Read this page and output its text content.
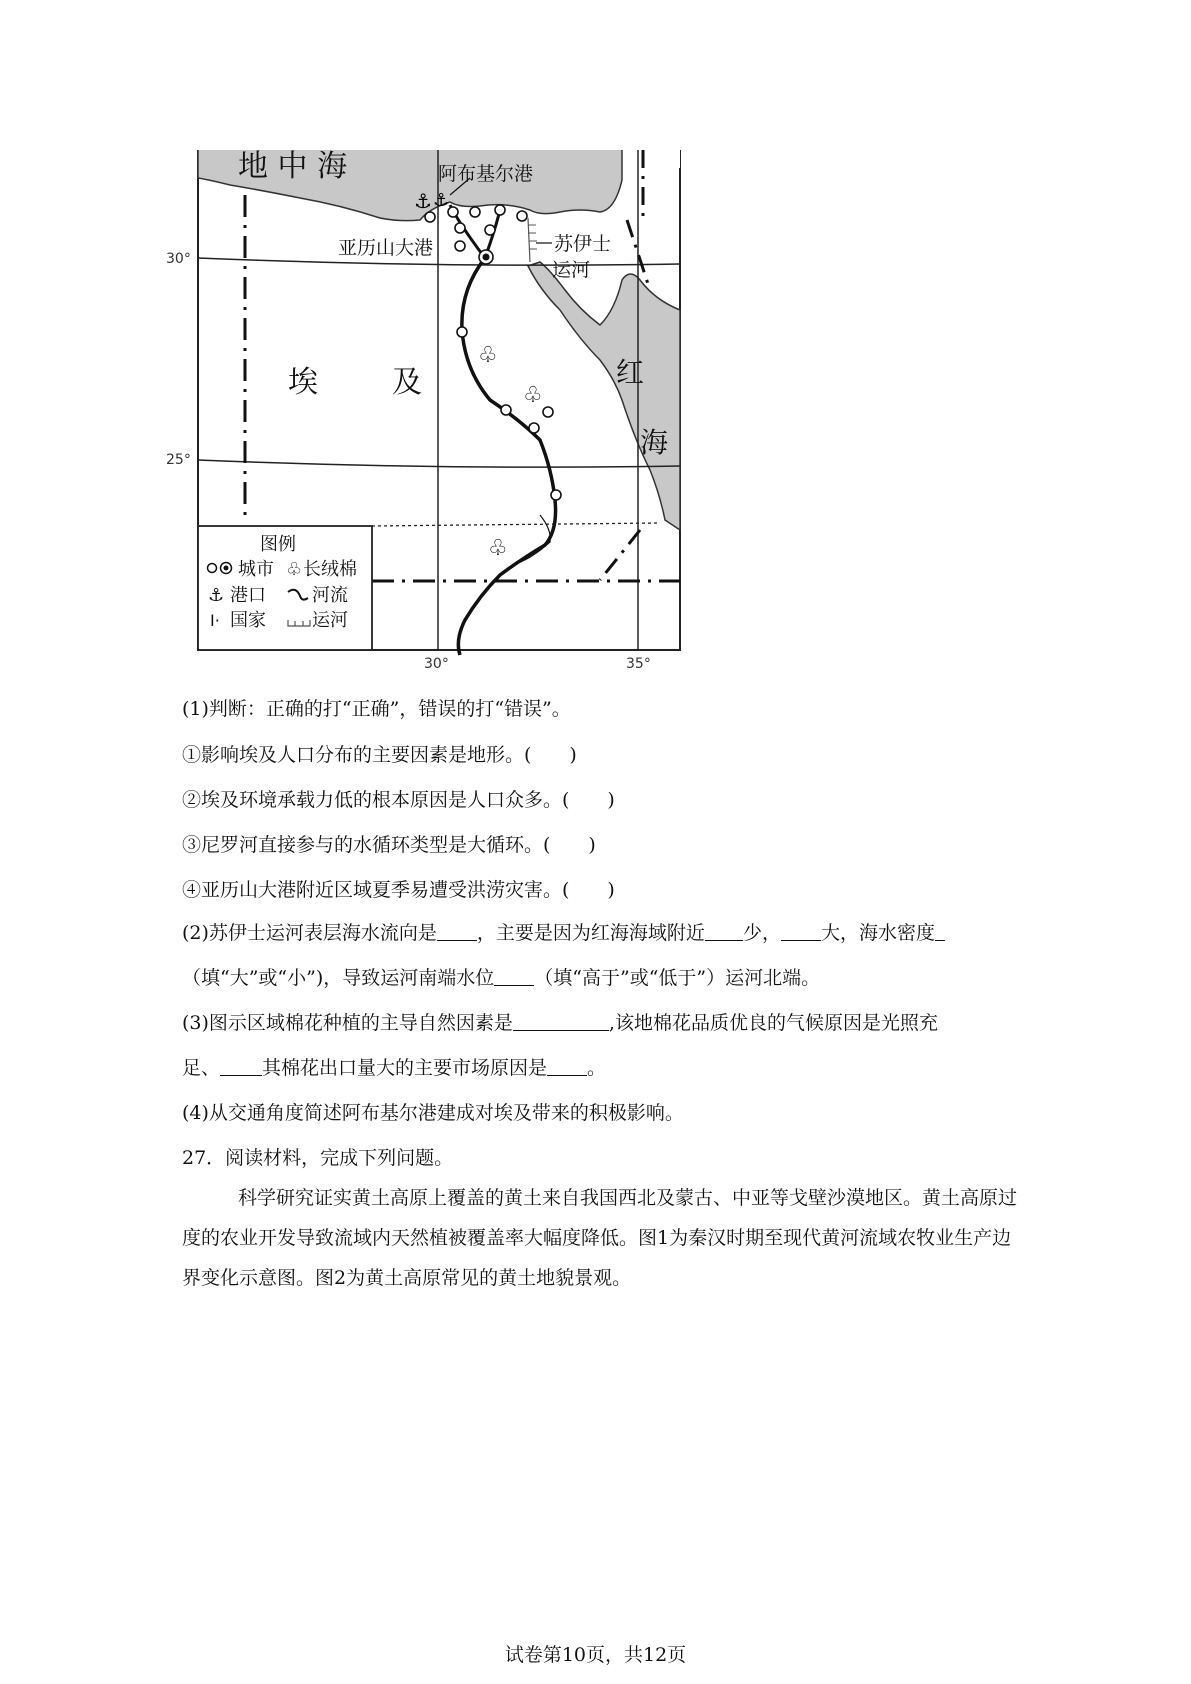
⚓ ⚓
♧
♧
♧
地 中 海	阿布基尔港
亚历山大港	苏伊士
运河
埃 及	红
海
30°
25°
30°	35°
图例
城市 ♧ 长绒棉
⚓ 港口	河流
I· 国家	运河
(1)判断：正确的打“正确”，错误的打“错误”。
①影响埃及人口分布的主要因素是地形。(　　)
②埃及环境承载力低的根本原因是人口众多。(　　)
③尼罗河直接参与的水循环类型是大循环。(　　)
④亚历山大港附近区域夏季易遭受洪涝灾害。(　　)
(2)苏伊士运河表层海水流向是 ，主要是因为红海海域附近 少， 大，海水密度
（填“大”或“小”)，导致运河南端水位 （填“高于”或“低于”）运河北端。
(3)图示区域棉花种植的主导自然因素是	,该地棉花品质优良的气候原因是光照充
足、 其棉花出口量大的主要市场原因是 。
(4)从交通角度简述阿布基尔港建成对埃及带来的积极影响。
27．阅读材料，完成下列问题。
科学研究证实黄土高原上覆盖的黄土来自我国西北及蒙古、中亚等戈壁沙漠地区。黄土高原过度的农业开发导致流域内天然植被覆盖率大幅度降低。图1为秦汉时期至现代黄河流域农牧业生产边界变化示意图。图2为黄土高原常见的黄土地貌景观。
试卷第10页，共12页
